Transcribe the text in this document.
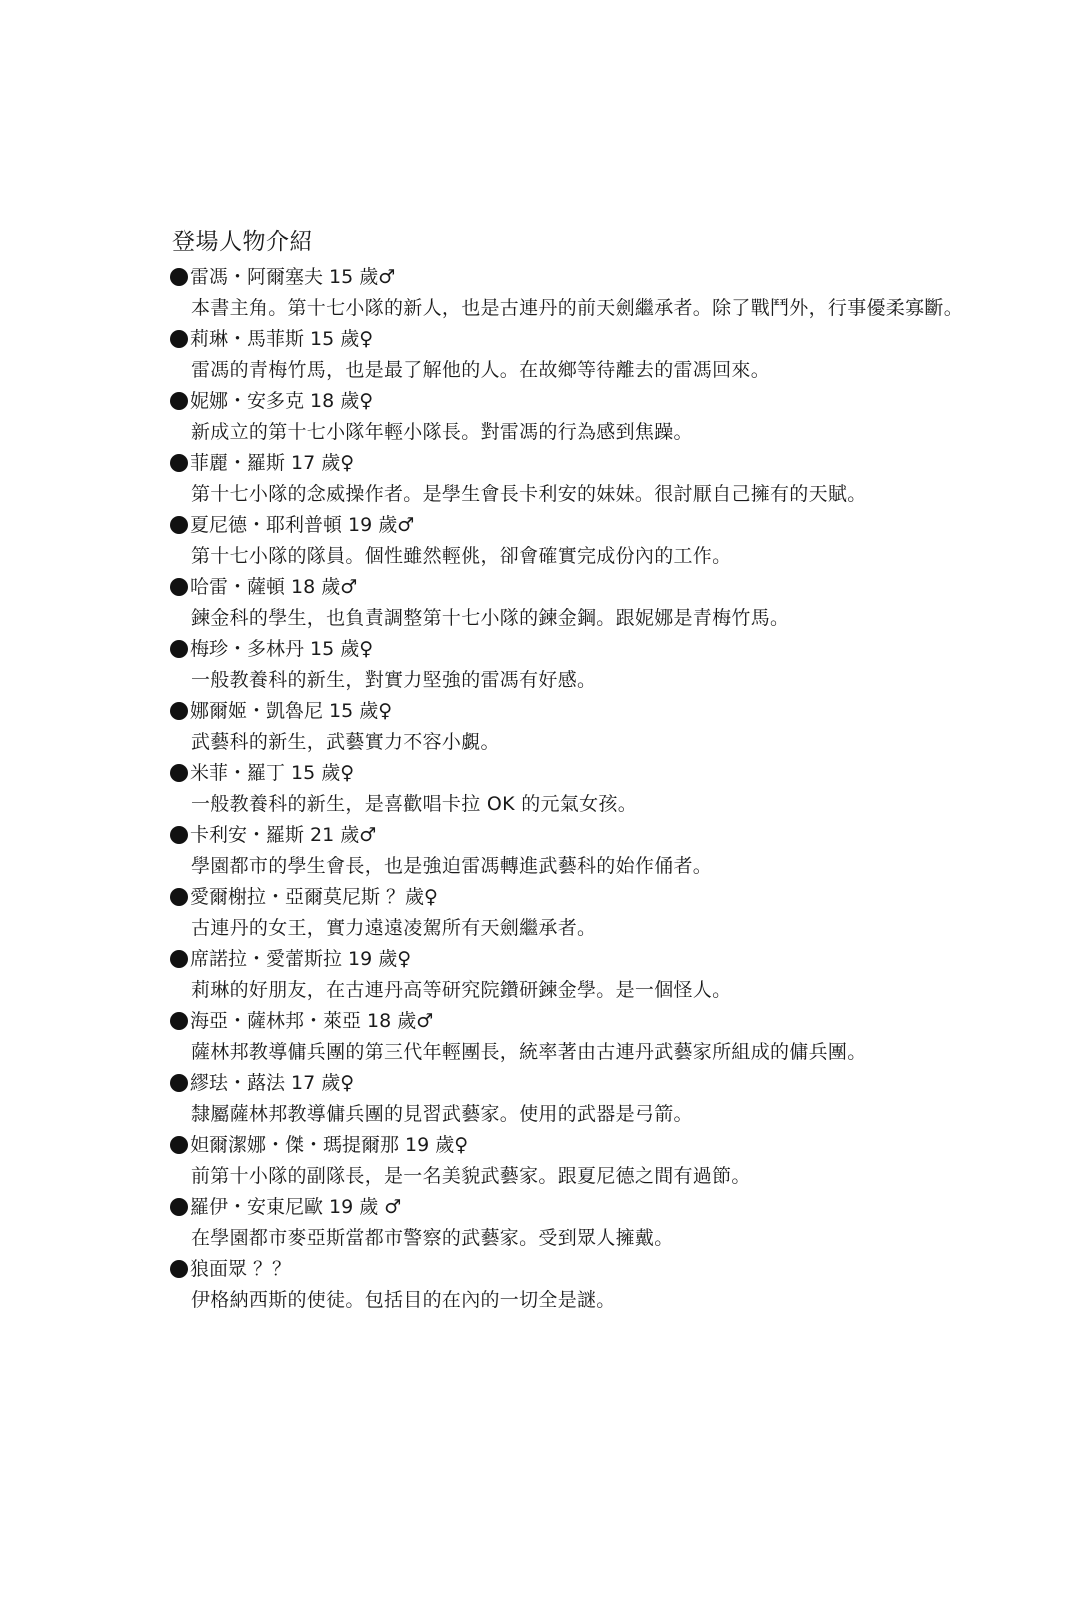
登場人物介紹
雷馮・阿爾塞夫 15 歲♂
本書主角。第十七小隊的新人，也是古連丹的前天劍繼承者。除了戰鬥外，行事優柔寡斷。
莉琳・馬菲斯 15 歲♀
雷馮的青梅竹馬，也是最了解他的人。在故鄉等待離去的雷馮回來。
妮娜・安多克 18 歲♀
新成立的第十七小隊年輕小隊長。對雷馮的行為感到焦躁。
菲麗・羅斯 17 歲♀
第十七小隊的念威操作者。是學生會長卡利安的妹妹。很討厭自己擁有的天賦。
夏尼德・耶利普頓 19 歲♂
第十七小隊的隊員。個性雖然輕佻，卻會確實完成份內的工作。
哈雷・薩頓 18 歲♂
鍊金科的學生，也負責調整第十七小隊的鍊金鋼。跟妮娜是青梅竹馬。
梅珍・多林丹 15 歲♀
一般教養科的新生，對實力堅強的雷馮有好感。
娜爾姬・凱魯尼 15 歲♀
武藝科的新生，武藝實力不容小覷。
米菲・羅丁 15 歲♀
一般教養科的新生，是喜歡唱卡拉 OK 的元氣女孩。
卡利安・羅斯 21 歲♂
學園都市的學生會長，也是強迫雷馮轉進武藝科的始作俑者。
愛爾榭拉・亞爾莫尼斯 ？歲♀
古連丹的女王，實力遠遠凌駕所有天劍繼承者。
席諾拉・愛蕾斯拉 19 歲♀
莉琳的好朋友，在古連丹高等研究院鑽研鍊金學。是一個怪人。
海亞・薩林邦・萊亞 18 歲♂
薩林邦教導傭兵團的第三代年輕團長，統率著由古連丹武藝家所組成的傭兵團。
繆珐・蕗法 17 歲♀
隸屬薩林邦教導傭兵團的見習武藝家。使用的武器是弓箭。
妲爾潔娜・傑・瑪提爾那 19 歲♀
前第十小隊的副隊長，是一名美貌武藝家。跟夏尼德之間有過節。
羅伊・安東尼歐 19 歲 ♂
在學園都市麥亞斯當都市警察的武藝家。受到眾人擁戴。
狼面眾 ？？
伊格納西斯的使徒。包括目的在內的一切全是謎。
